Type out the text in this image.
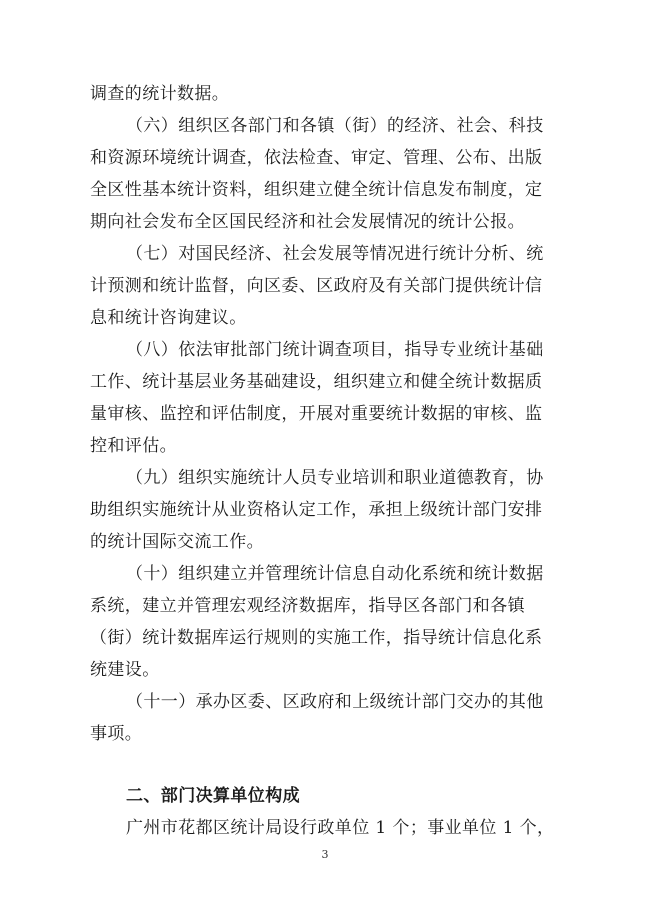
调查的统计数据。
（六）组织区各部门和各镇（街）的经济、社会、科技
和资源环境统计调查，依法检查、审定、管理、公布、出版
全区性基本统计资料，组织建立健全统计信息发布制度，定
期向社会发布全区国民经济和社会发展情况的统计公报。
（七）对国民经济、社会发展等情况进行统计分析、统
计预测和统计监督，向区委、区政府及有关部门提供统计信
息和统计咨询建议。
（八）依法审批部门统计调查项目，指导专业统计基础
工作、统计基层业务基础建设，组织建立和健全统计数据质
量审核、监控和评估制度，开展对重要统计数据的审核、监
控和评估。
（九）组织实施统计人员专业培训和职业道德教育，协
助组织实施统计从业资格认定工作，承担上级统计部门安排
的统计国际交流工作。
（十）组织建立并管理统计信息自动化系统和统计数据
系统，建立并管理宏观经济数据库，指导区各部门和各镇
（街）统计数据库运行规则的实施工作，指导统计信息化系
统建设。
（十一）承办区委、区政府和上级统计部门交办的其他
事项。
二、部门决算单位构成
广州市花都区统计局设行政单位 1 个；事业单位 1 个，
3
